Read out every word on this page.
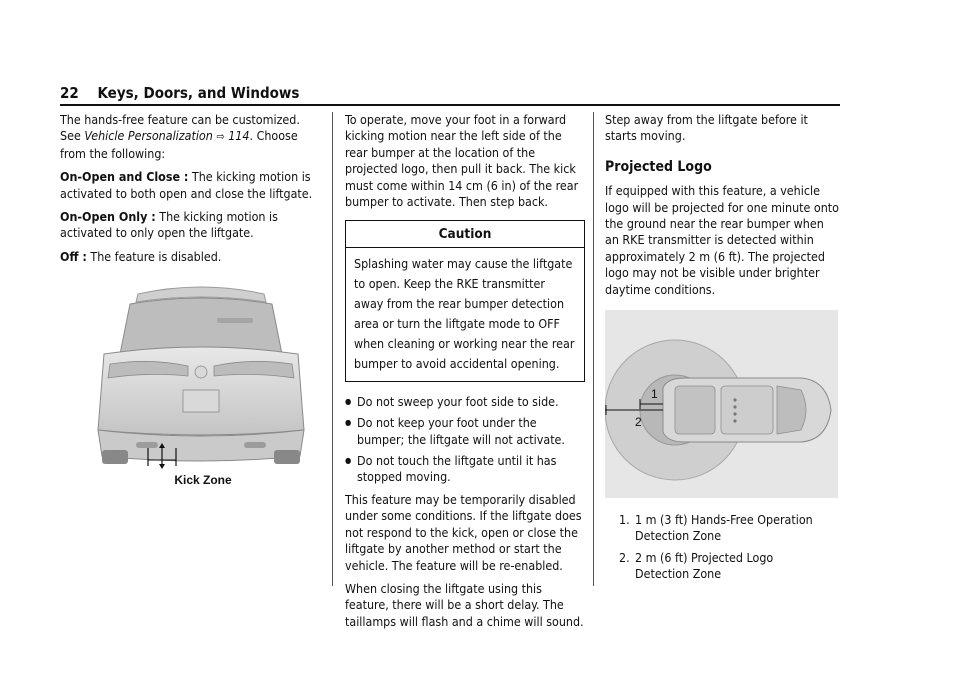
22 Keys, Doors, and Windows

The hands-free feature can be customized. See Vehicle Personalization ⇨ 114. Choose from the following:

On-Open and Close : The kicking motion is activated to both open and close the liftgate.

On-Open Only : The kicking motion is activated to only open the liftgate.

Off : The feature is disabled.

Kick Zone

To operate, move your foot in a forward kicking motion near the left side of the rear bumper at the location of the projected logo, then pull it back. The kick must come within 14 cm (6 in) of the rear bumper to activate. Then step back.

Caution
Splashing water may cause the liftgate to open. Keep the RKE transmitter away from the rear bumper detection area or turn the liftgate mode to OFF when cleaning or working near the rear bumper to avoid accidental opening.
● Do not sweep your foot side to side.
● Do not keep your foot under the bumper; the liftgate will not activate.
● Do not touch the liftgate until it has stopped moving.

This feature may be temporarily disabled under some conditions. If the liftgate does not respond to the kick, open or close the liftgate by another method or start the vehicle. The feature will be re-enabled.

When closing the liftgate using this feature, there will be a short delay. The taillamps will flash and a chime will sound.

Step away from the liftgate before it starts moving.

Projected Logo

If equipped with this feature, a vehicle logo will be projected for one minute onto the ground near the rear bumper when an RKE transmitter is detected within approximately 2 m (6 ft). The projected logo may not be visible under brighter daytime conditions.

1
2
1. 1 m (3 ft) Hands-Free Operation Detection Zone
2. 2 m (6 ft) Projected Logo Detection Zone
